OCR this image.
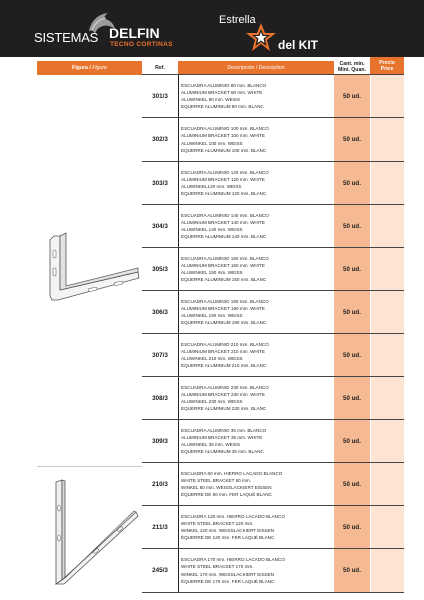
SISTEMAS DELFIN
TECNO CORTINAS
Estrella
del KIT
Figura / Figure	Ref.	Descripción / Description
Cant. min.
Mini. Quan.
Precio
Price
301/3
ESCUADRA ALUMINIO 80 mm. BLANCO
ALUMINIUM BRACKET 80 mm. WHITE
ALUWINKEL 80 mm. WEISS
EQUERRE ALUMINIUM 80 mm. BLANC
50 ud.
302/3
ESCUADRA ALUMINIO 100 mm. BLANCO
ALUMINIUM BRACKET 100 mm. WHITE
ALUWINKEL 100 mm. WEISS
EQUERRE ALUMINIUM 100 mm. BLANC
50 ud.
303/3
ESCUADRA ALUMINIO 120 mm. BLANCO
ALUMINIUM BRACKET 120 mm. WHITE
ALUWINKEL120 mm. WEISS
EQUERRE ALUMINIUM 120 mm. BLANC
50 ud.
304/3
ESCUADRA ALUMINIO 140 mm. BLANCO
ALUMINIUM BRACKET 140 mm. WHITE
ALUWINKEL 140 mm. WEISS
EQUERRE ALUMINIUM 140 mm. BLANC
50 ud.
305/3
ESCUADRA ALUMINIO 150 mm. BLANCO
ALUMINIUM BRACKET 150 mm. WHITE
ALUWINKEL 150 mm. WEISS
EQUERRE ALUMINIUM 150 mm. BLANC
50 ud.
306/3
ESCUADRA ALUMINIO 190 mm. BLANCO
ALUMINIUM BRACKET 190 mm. WHITE
ALUWINKEL 190 mm. WEISS
EQUERRE ALUMINIUM 190 mm. BLANC
50 ud.
307/3
ESCUADRA ALUMINIO 210 mm. BLANCO
ALUMINIUM BRACKET 210 mm. WHITE
ALUWINKEL 210 mm. WEISS
EQUERRE ALUMINIUM 210 mm. BLANC
50 ud.
308/3
ESCUADRA ALUMINIO 230 mm. BLANCO
ALUMINIUM BRACKET 230 mm. WHITE
ALUWINKEL 230 mm. WEISS
EQUERRE ALUMINIUM 230 mm. BLANC
50 ud.
309/3
ESCUADRA ALUMINIO 35 mm. BLANCO
ALUMINIUM BRACKET 35 mm. WHITE
ALUWINKEL 35 mm. WEISS
EQUERRE ALUMINIUM 35 mm. BLANC
50 ud.
210/3
ESCUADRA 60 mm. HIERRO LACADO BLANCO
WHITE STEEL BRACKET 60 mm.
WINKEL 60 mm. WEISSLACKIERT EISSEN
ÉQUERRE DE 60 mm. FER LAQUÉ BLANC
50 ud.
211/3
ESCUADRA 120 mm. HIERRO LACADO BLANCO
WHITE STEEL BRACKET 120 mm.
WINKEL 120 mm. WEISSLACKIERT EISSEN
ÉQUERRE DE 120 mm. FER LAQUÉ BLANC
50 ud.
245/3
ESCUADRA 170 mm. HIERRO LACADO BLANCO
WHITE STEEL BRACKET 170 mm.
WINKEL 170 mm. WEISSLACKIERT EISSEN
ÉQUERRE DE 170 mm. FER LAQUÉ BLANC
50 ud.
